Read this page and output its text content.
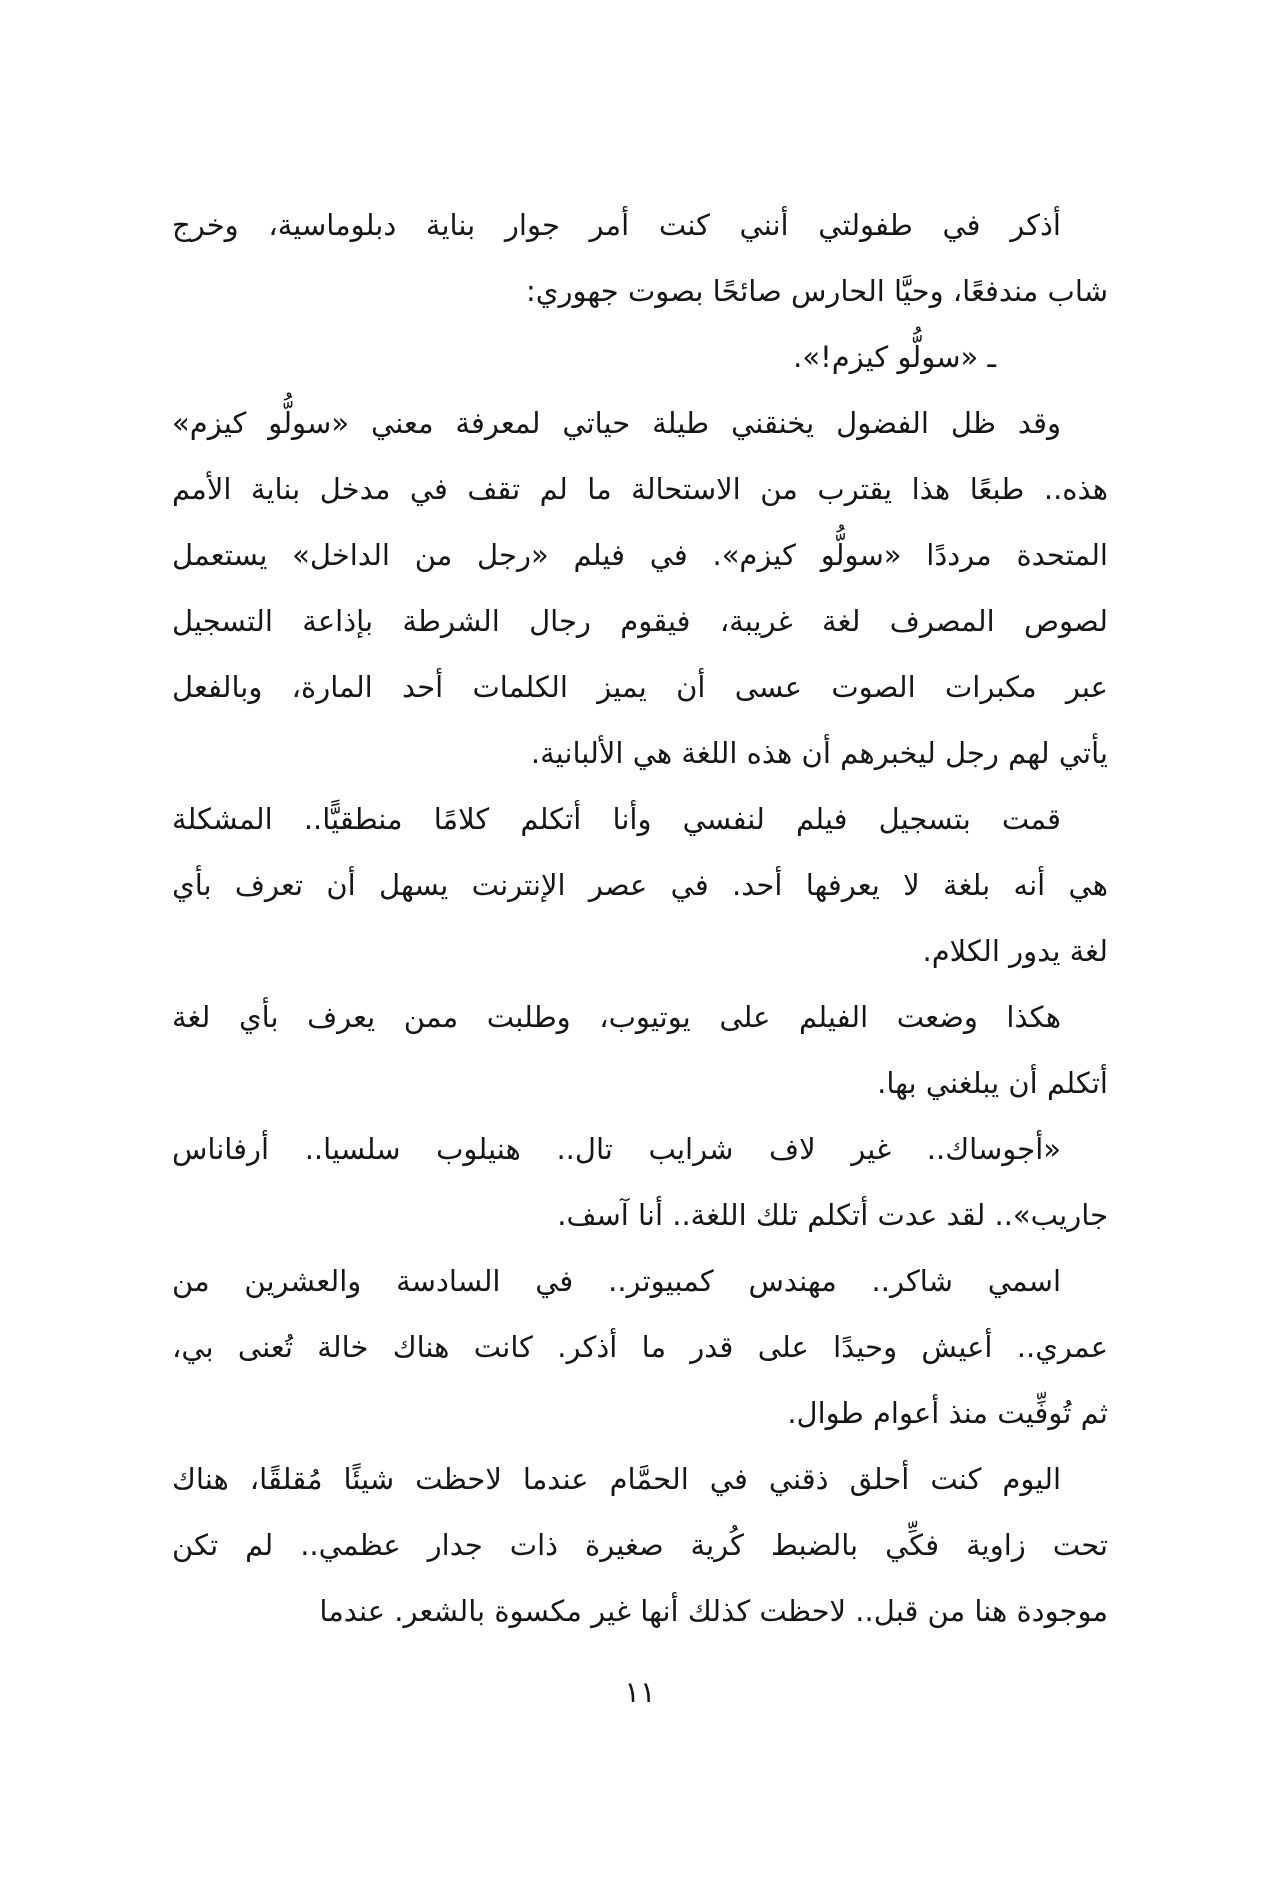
أذكر في طفولتي أنني كنت أمر جوار بناية دبلوماسية، وخرج
شاب مندفعًا، وحيَّا الحارس صائحًا بصوت جهوري:
ـ «سولُّو كيزم!».
وقد ظل الفضول يخنقني طيلة حياتي لمعرفة معني «سولُّو كيزم»
هذه.. طبعًا هذا يقترب من الاستحالة ما لم تقف في مدخل بناية الأمم
المتحدة مرددًا «سولُّو كيزم». في فيلم «رجل من الداخل» يستعمل
لصوص المصرف لغة غريبة، فيقوم رجال الشرطة بإذاعة التسجيل
عبر مكبرات الصوت عسى أن يميز الكلمات أحد المارة، وبالفعل
يأتي لهم رجل ليخبرهم أن هذه اللغة هي الألبانية.
قمت بتسجيل فيلم لنفسي وأنا أتكلم كلامًا منطقيًّا.. المشكلة
هي أنه بلغة لا يعرفها أحد. في عصر الإنترنت يسهل أن تعرف بأي
لغة يدور الكلام.
هكذا وضعت الفيلم على يوتيوب، وطلبت ممن يعرف بأي لغة
أتكلم أن يبلغني بها.
«أجوساك.. غير لاف شرايب تال.. هنيلوب سلسيا.. أرفاناس
جاريب».. لقد عدت أتكلم تلك اللغة.. أنا آسف.
اسمي شاكر.. مهندس كمبيوتر.. في السادسة والعشرين من
عمري.. أعيش وحيدًا على قدر ما أذكر. كانت هناك خالة تُعنى بي،
ثم تُوفِّيت منذ أعوام طوال.
اليوم كنت أحلق ذقني في الحمَّام عندما لاحظت شيئًا مُقلقًا، هناك
تحت زاوية فكِّي بالضبط كُرية صغيرة ذات جدار عظمي.. لم تكن
موجودة هنا من قبل.. لاحظت كذلك أنها غير مكسوة بالشعر. عندما
١١
